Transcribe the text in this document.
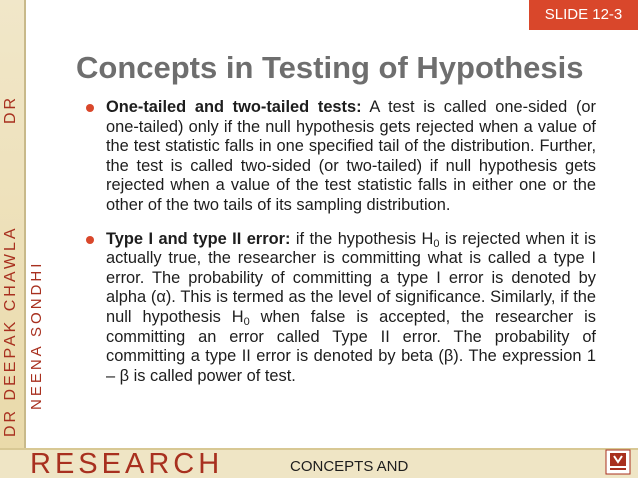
SLIDE 12-3
DR
DR DEEPAK CHAWLA NEENA SONDHI
Concepts in Testing of Hypothesis
One-tailed and two-tailed tests: A test is called one-sided (or one-tailed) only if the null hypothesis gets rejected when a value of the test statistic falls in one specified tail of the distribution. Further, the test is called two-sided (or two-tailed) if null hypothesis gets rejected when a value of the test statistic falls in either one or the other of the two tails of its sampling distribution.
Type I and type II error: if the hypothesis $H_0$ is rejected when it is actually true, the researcher is committing what is called a type I error. The probability of committing a type I error is denoted by alpha (α). This is termed as the level of significance. Similarly, if the null hypothesis $H_0$ when false is accepted, the researcher is committing an error called Type II error. The probability of committing a type II error is denoted by beta (β). The expression 1 – β is called power of test.
RESEARCH	CONCEPTS AND
